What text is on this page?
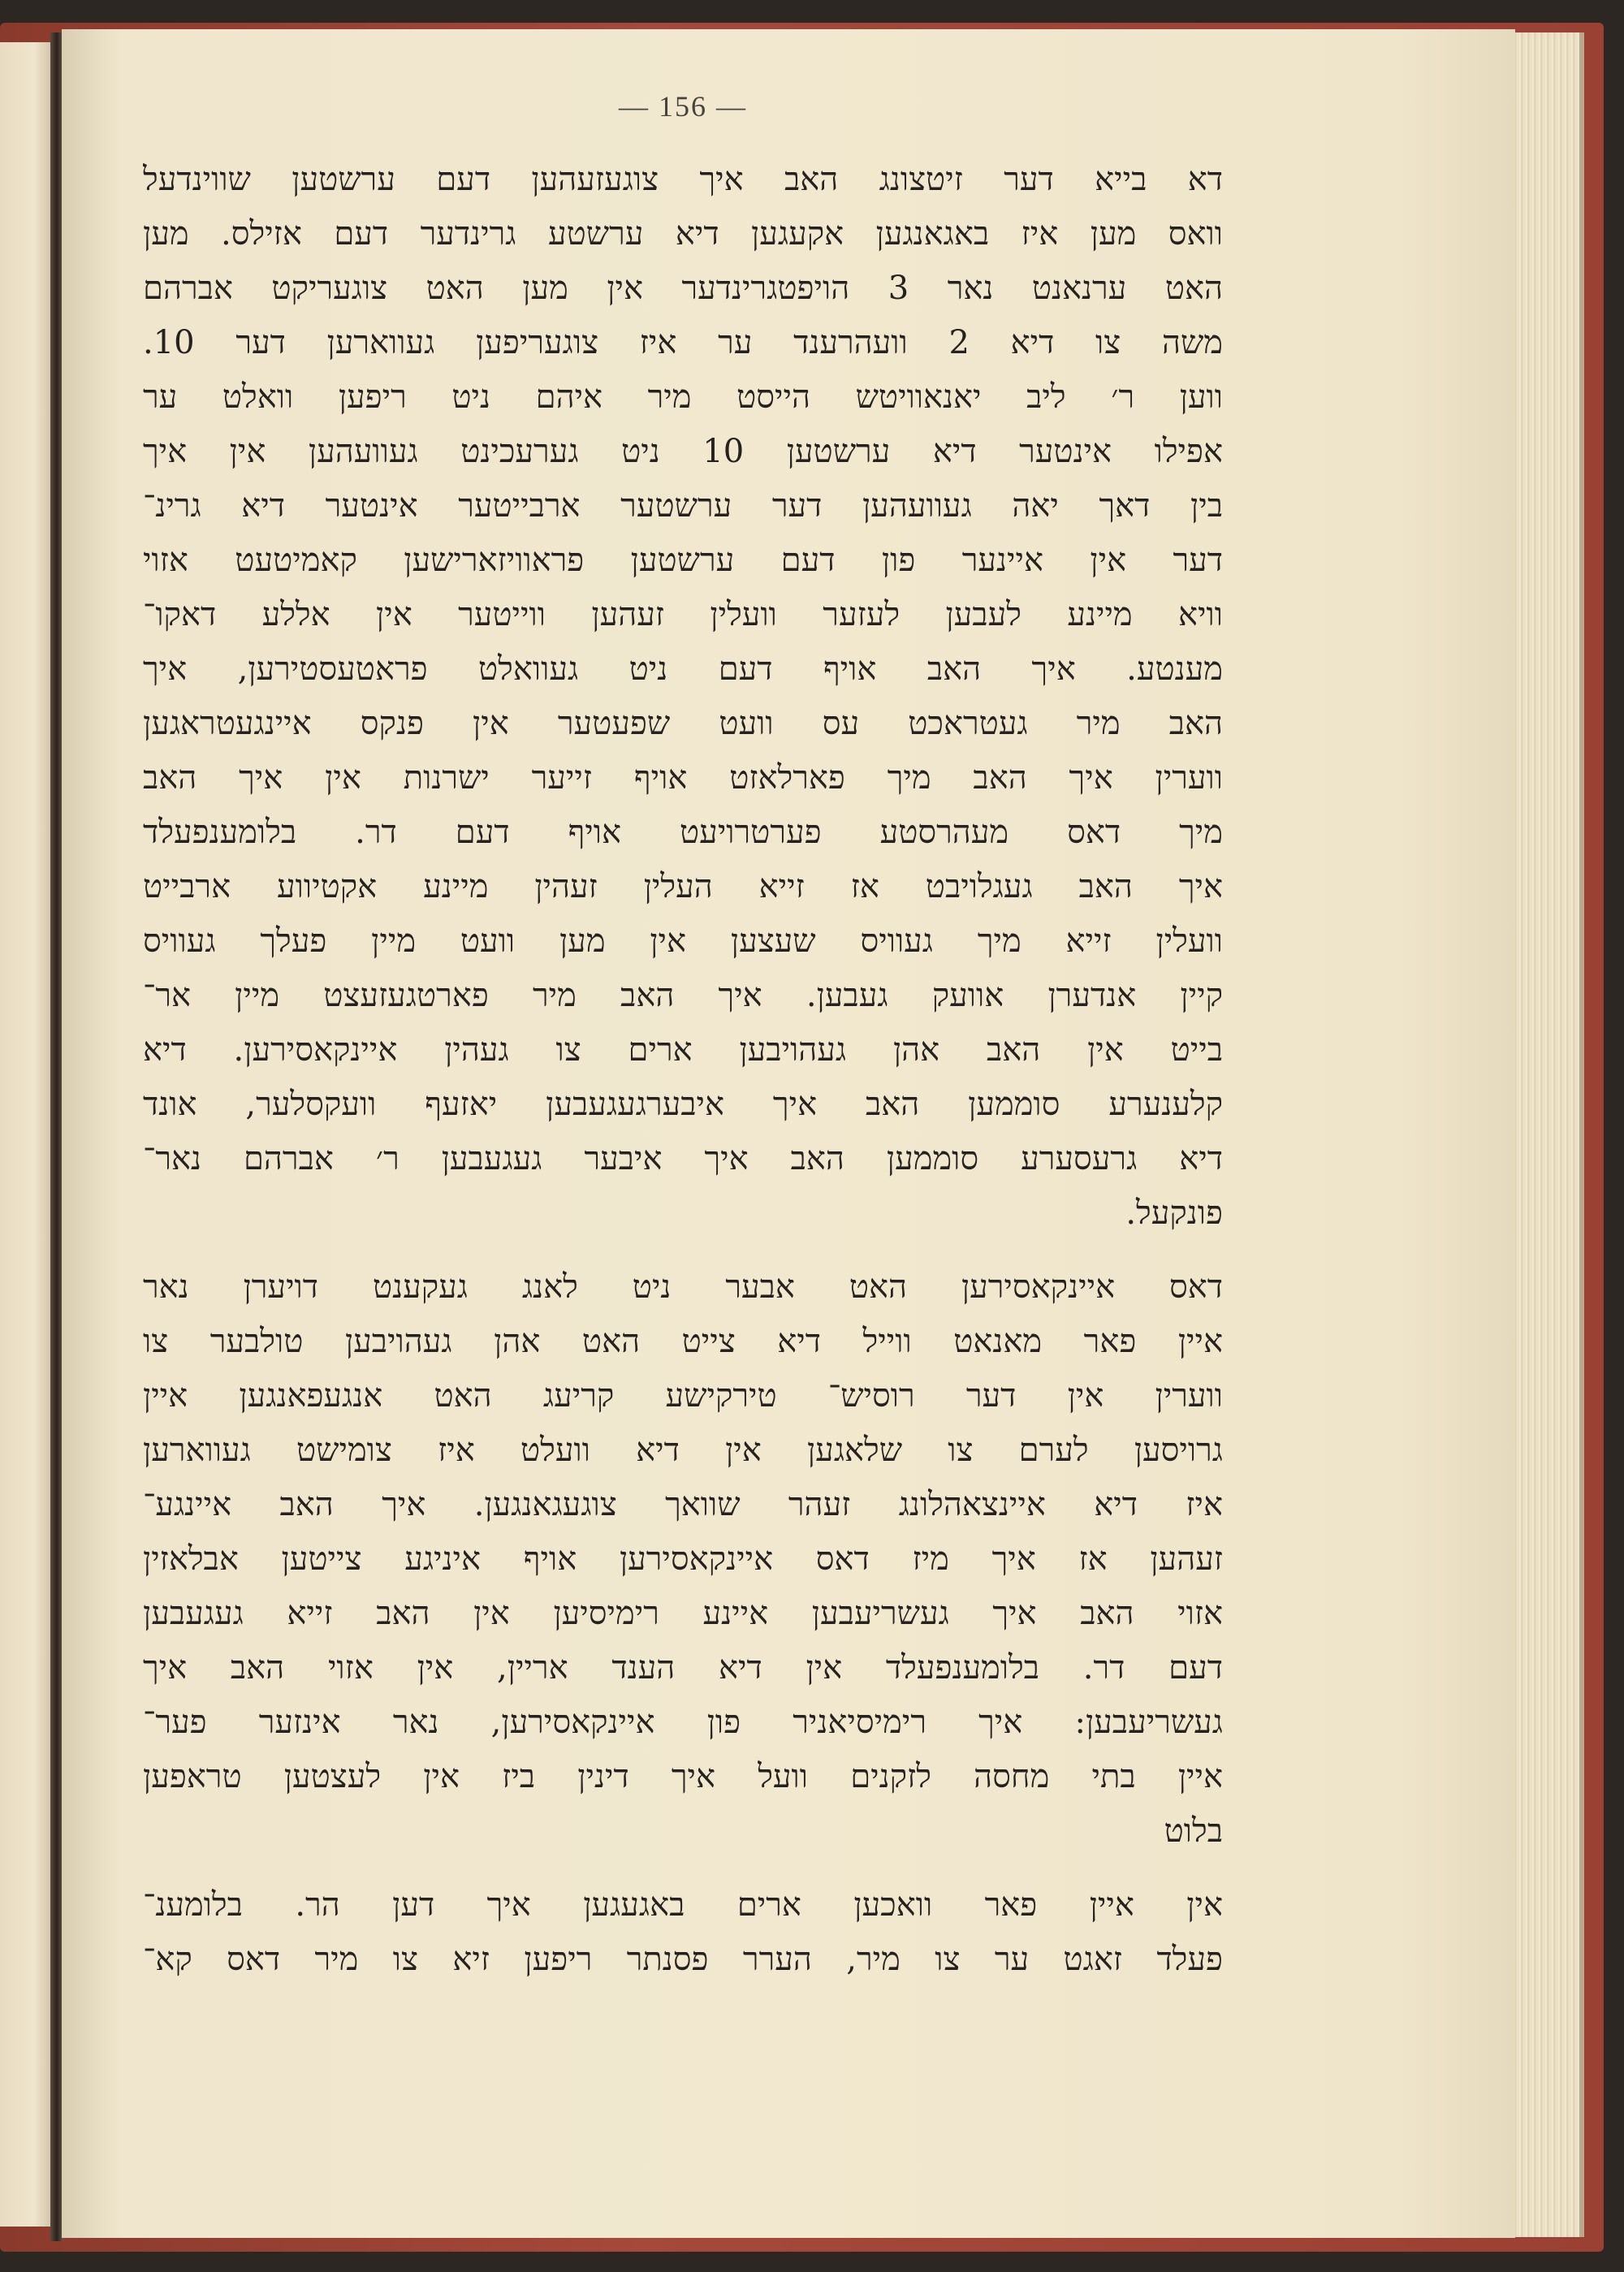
— 156 —
דא בייא דער זיטצונג האב איך צוגעזעהען דעם ערשטען שווינדעל
וואס מען איז באגאנגען אקעגען דיא ערשטע גרינדער דעם אזילס. מען
האט ערנאנט נאר 3 הויפטגרינדער אין מען האט צוגעריקט אברהם
משה צו דיא 2 וועהרענד ער איז צוגעריפען געווארען דער 10.
ווען ר׳ ליב יאנאוויטש הייסט מיר איהם ניט ריפען וואלט ער
אפילו אינטער דיא ערשטען 10 ניט גערעכינט געוועהען אין איך
בין דאך יאה געוועהען דער ערשטער ארבייטער אינטער דיא גרינ־
דער אין איינער פון דעם ערשטען פראוויזארישען קאמיטעט אזוי
וויא מיינע לעבען לעזער וועלין זעהען ווייטער אין אללע דאקו־
מענטע. איך האב אויף דעם ניט געוואלט פראטעסטירען, איך
האב מיר געטראכט עס וועט שפעטער אין פנקס איינגעטראגען
ווערין איך האב מיך פארלאזט אויף זייער ישרנות אין איך האב
מיך דאס מעהרסטע פערטרויעט אויף דעם דר. בלומענפעלד
איך האב געגלויבט אז זייא העלין זעהין מיינע אקטיווע ארבייט
וועלין זייא מיך געוויס שעצען אין מען וועט מיין פעלך געוויס
קיין אנדערן אוועק געבען. איך האב מיר פארטגעזעצט מיין אר־
בייט אין האב אהן געהויבען ארים צו געהין איינקאסירען. דיא
קלענערע סוממען האב איך איבערגעגעבען יאזעף וועקסלער, אונד
דיא גרעסערע סוממען האב איך איבער געגעבען ר׳ אברהם נאר־
פונקעל.
דאס איינקאסירען האט אבער ניט לאנג געקענט דויערן נאר
איין פאר מאנאט ווייל דיא צייט האט אהן געהויבען טולבער צו
ווערין אין דער רוסיש־ טירקישע קריעג האט אנגעפאנגען איין
גרויסען לערם צו שלאגען אין דיא וועלט איז צומישט געווארען
איז דיא איינצאהלונג זעהר שוואך צוגעגאנגען. איך האב איינגע־
זעהען אז איך מיז דאס איינקאסירען אויף איניגע צייטען אבלאזין
אזוי האב איך געשריעבען איינע רימיסיען אין האב זייא געגעבען
דעם דר. בלומענפעלד אין דיא הענד אריין, אין אזוי האב איך
געשריעבען: איך רימיסיאניר פון איינקאסירען, נאר אינזער פער־
איין בתי מחסה לזקנים וועל איך דינין ביז אין לעצטען טראפען
בלוט
אין איין פאר וואכען ארים באגעגען איך דען הר. בלומענ־
פעלד זאגט ער צו מיר, הערר פסנתר ריפען זיא צו מיר דאס קא־
